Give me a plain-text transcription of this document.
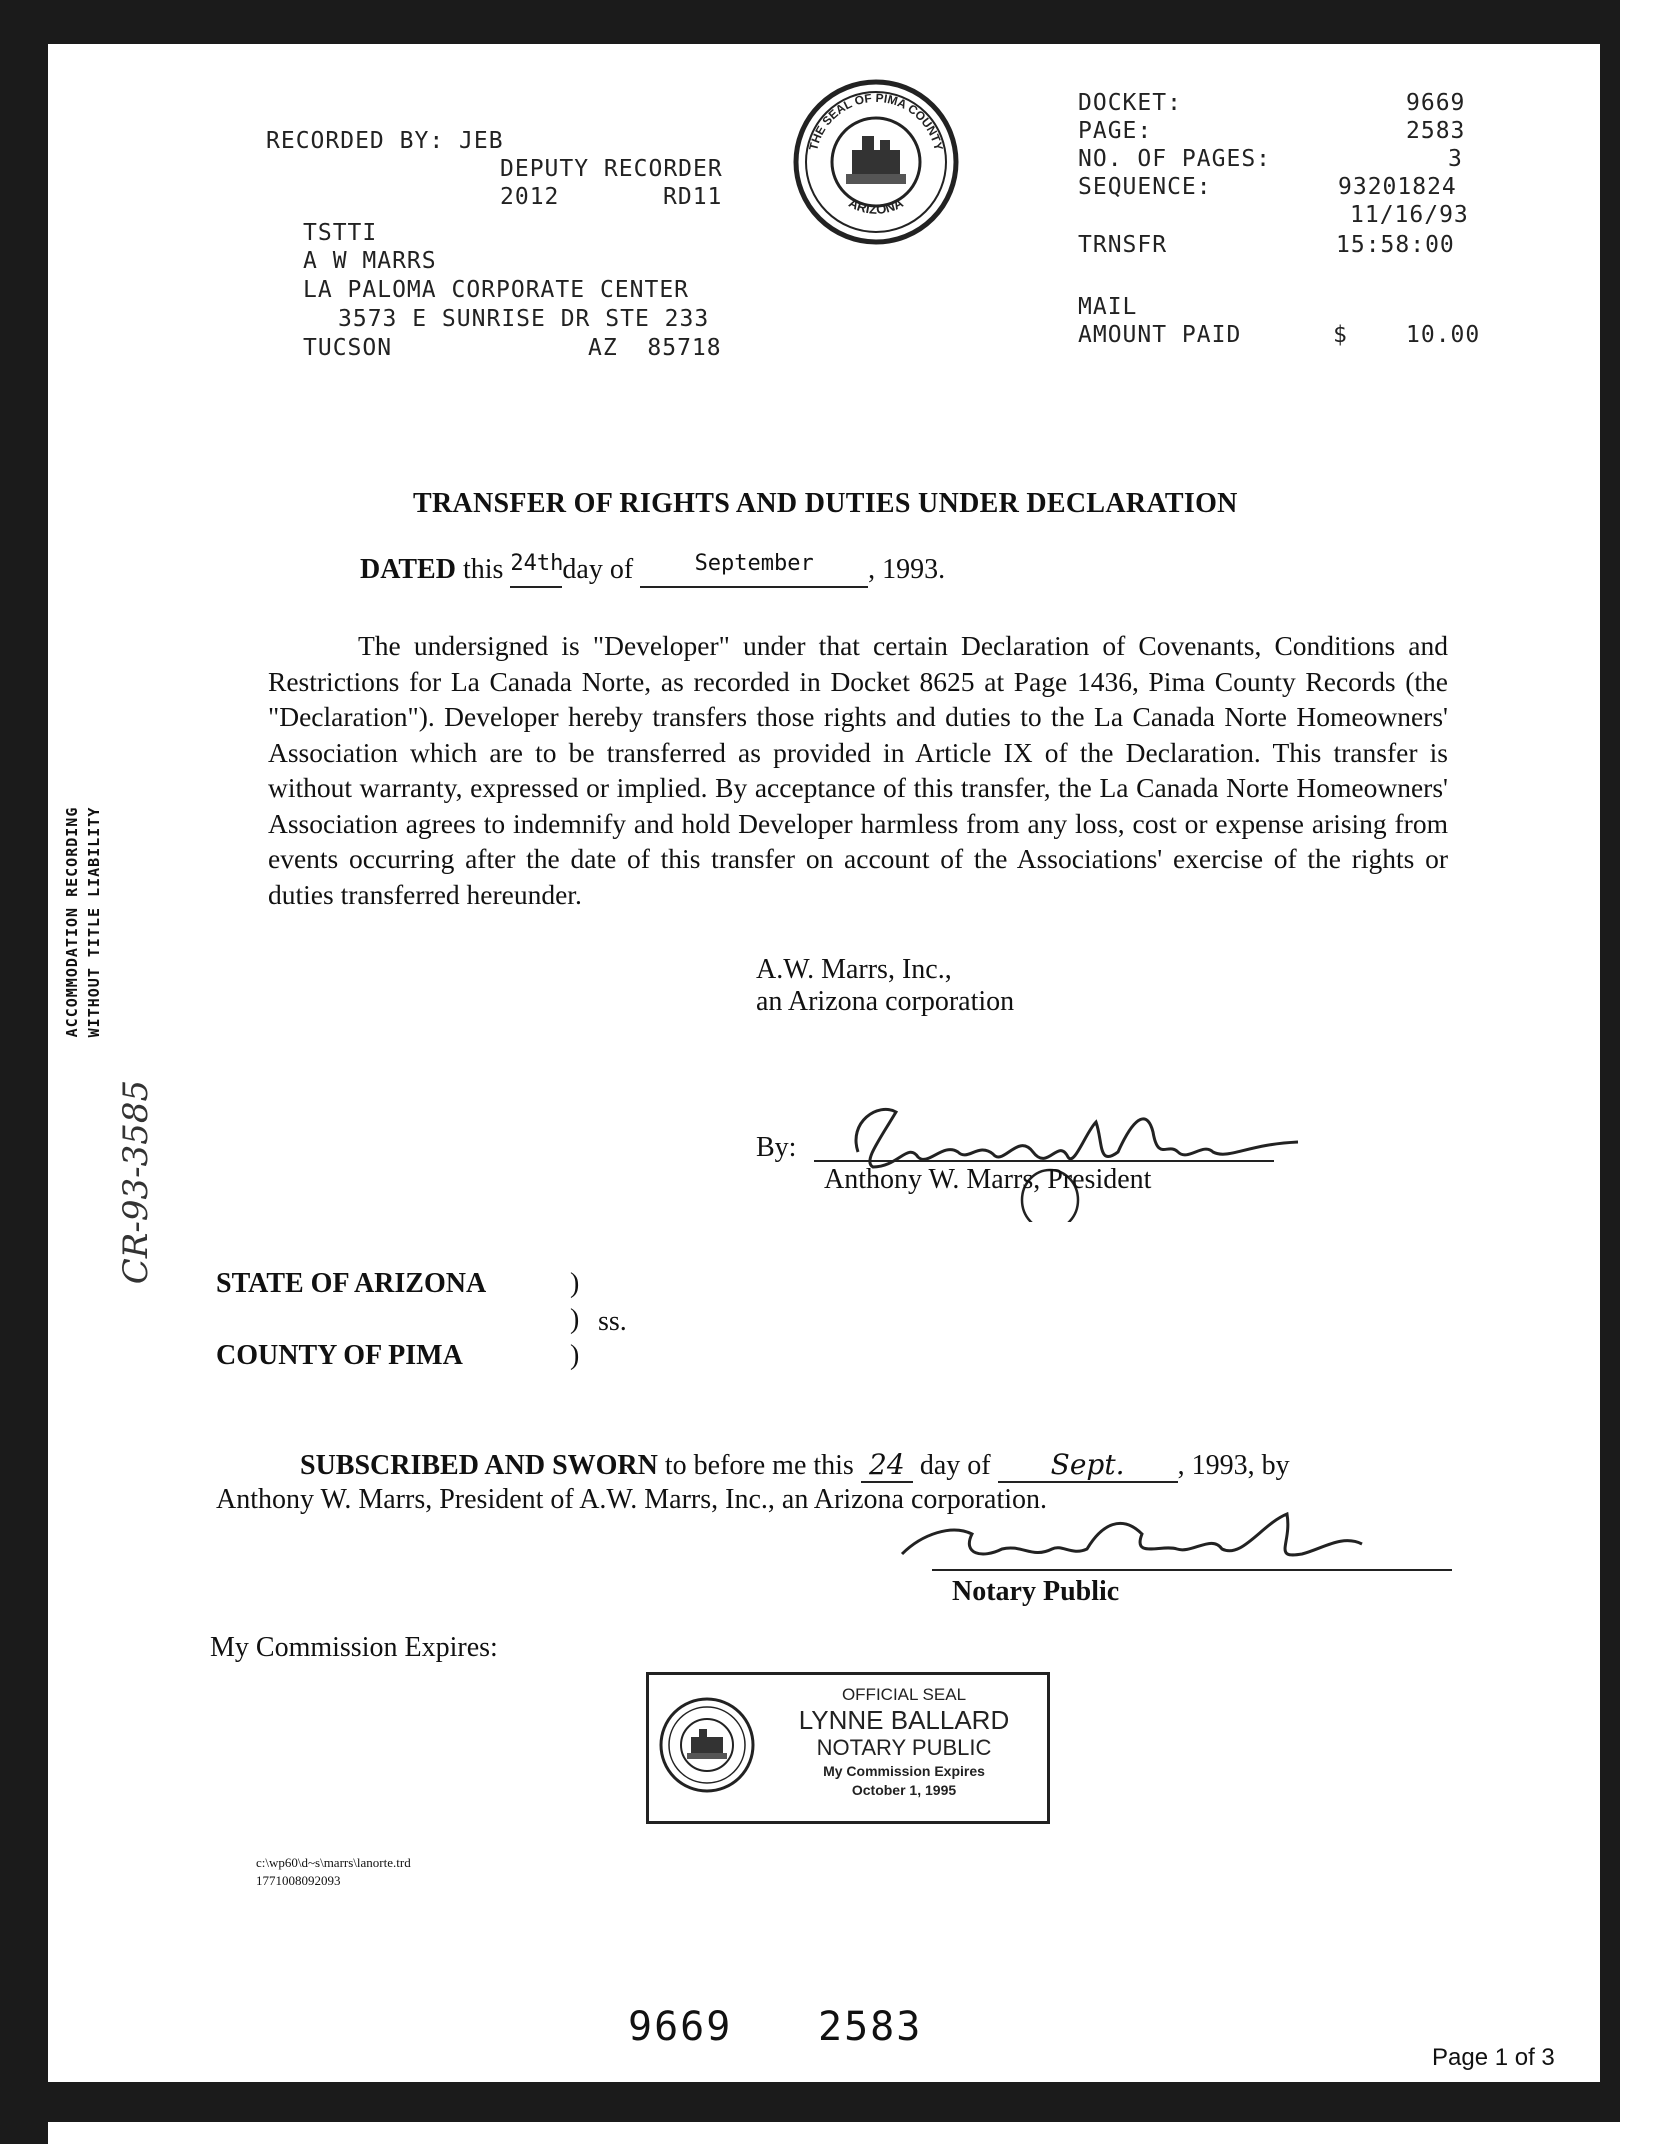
RECORDED BY: JEB
DEPUTY RECORDER
2012	RD11
TSTTI
A W MARRS
LA PALOMA CORPORATE CENTER
3573 E SUNRISE DR STE 233
TUCSON	AZ  85718
THE SEAL OF PIMA COUNTY
ARIZONA
DOCKET:	9669
PAGE:	2583
NO. OF PAGES:	3
SEQUENCE:	93201824
11/16/93
TRNSFR	15:58:00
MAIL
AMOUNT PAID	$	10.00
TRANSFER OF RIGHTS AND DUTIES UNDER DECLARATION
DATED this $^{24th}$day of	$^{September}$ , 1993.
The undersigned is "Developer" under that certain Declaration of Covenants, Conditions and Restrictions for La Canada Norte, as recorded in Docket 8625 at Page 1436, Pima County Records (the "Declaration"). Developer hereby transfers those rights and duties to the La Canada Norte Homeowners' Association which are to be transferred as provided in Article IX of the Declaration. This transfer is without warranty, expressed or implied. By acceptance of this transfer, the La Canada Norte Homeowners' Association agrees to indemnify and hold Developer harmless from any loss, cost or expense arising from events occurring after the date of this transfer on account of the Associations' exercise of the rights or duties transferred hereunder.
A.W. Marrs, Inc.,
an Arizona corporation
By:
Anthony W. Marrs, President
STATE OF ARIZONA	)
) ss.
COUNTY OF PIMA	)
SUBSCRIBED AND SWORN to before me this 24 day of Sept. , 1993, by
Anthony W. Marrs, President of A.W. Marrs, Inc., an Arizona corporation.
Notary Public
My Commission Expires:
OFFICIAL SEAL
LYNNE BALLARD
NOTARY PUBLIC
My Commission Expires
October 1, 1995
c:\wp60\d~s\marrs\lanorte.trd
1771008092093
ACCOMMODATION RECORDING WITHOUT TITLE LIABILITY
CR-93-3585
9669 2583
Page 1 of 3
